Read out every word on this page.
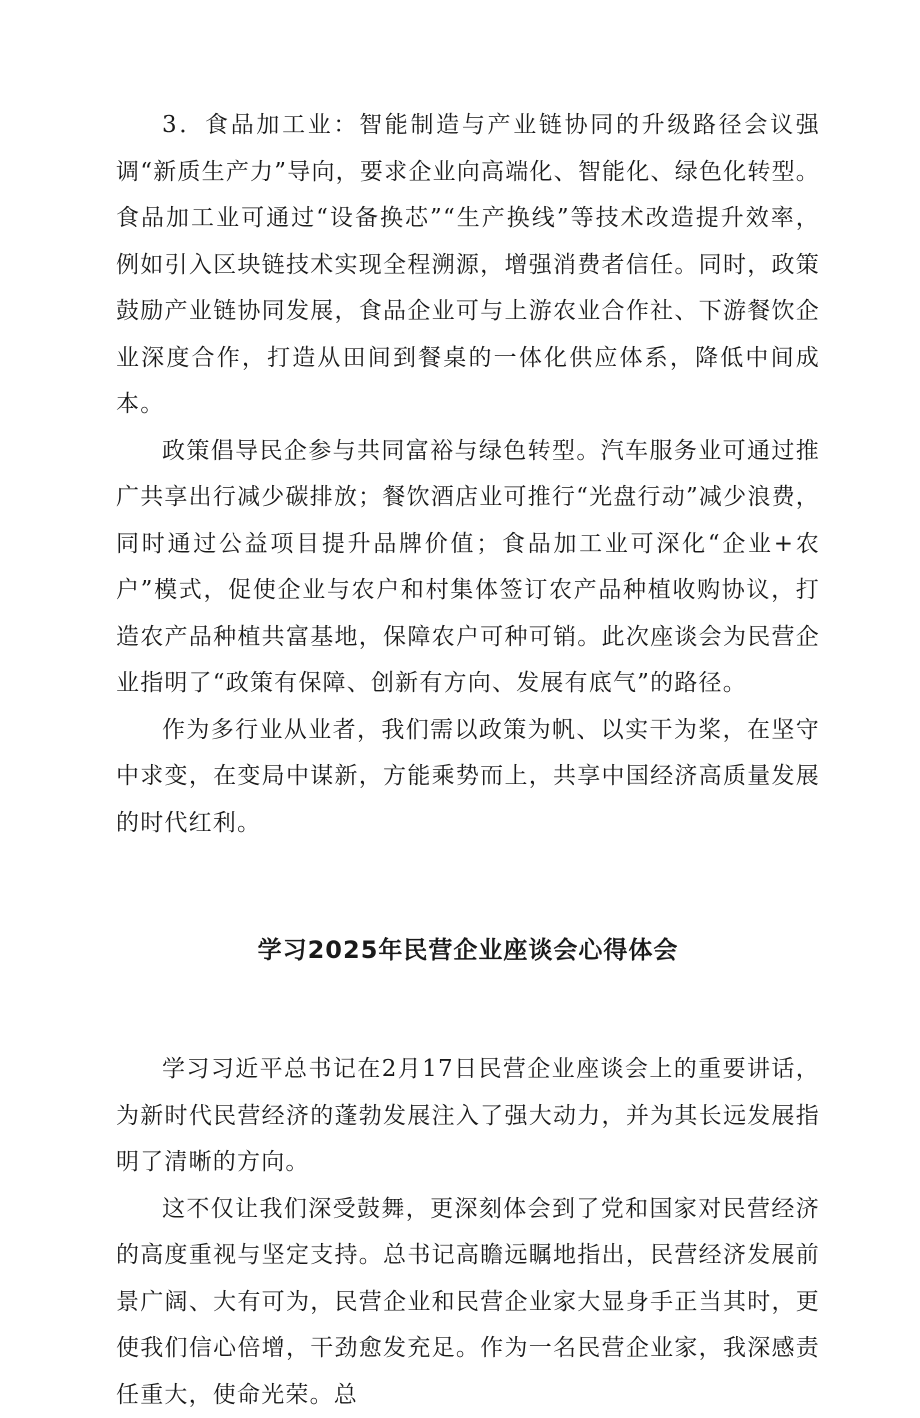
3．食品加工业：智能制造与产业链协同的升级路径会议强调“新质生产力”导向，要求企业向高端化、智能化、绿色化转型。食品加工业可通过“设备换芯”“生产换线”等技术改造提升效率，例如引入区块链技术实现全程溯源，增强消费者信任。同时，政策鼓励产业链协同发展，食品企业可与上游农业合作社、下游餐饮企业深度合作，打造从田间到餐桌的一体化供应体系，降低中间成本。

政策倡导民企参与共同富裕与绿色转型。汽车服务业可通过推广共享出行减少碳排放；餐饮酒店业可推行“光盘行动”减少浪费，同时通过公益项目提升品牌价值；食品加工业可深化“企业+农户”模式，促使企业与农户和村集体签订农产品种植收购协议，打造农产品种植共富基地，保障农户可种可销。此次座谈会为民营企业指明了“政策有保障、创新有方向、发展有底气”的路径。

作为多行业从业者，我们需以政策为帆、以实干为桨，在坚守中求变，在变局中谋新，方能乘势而上，共享中国经济高质量发展的时代红利。

学习2025年民营企业座谈会心得体会

学习习近平总书记在2月17日民营企业座谈会上的重要讲话，为新时代民营经济的蓬勃发展注入了强大动力，并为其长远发展指明了清晰的方向。

这不仅让我们深受鼓舞，更深刻体会到了党和国家对民营经济的高度重视与坚定支持。总书记高瞻远瞩地指出，民营经济发展前景广阔、大有可为，民营企业和民营企业家大显身手正当其时，更使我们信心倍增，干劲愈发充足。作为一名民营企业家，我深感责任重大，使命光荣。总
